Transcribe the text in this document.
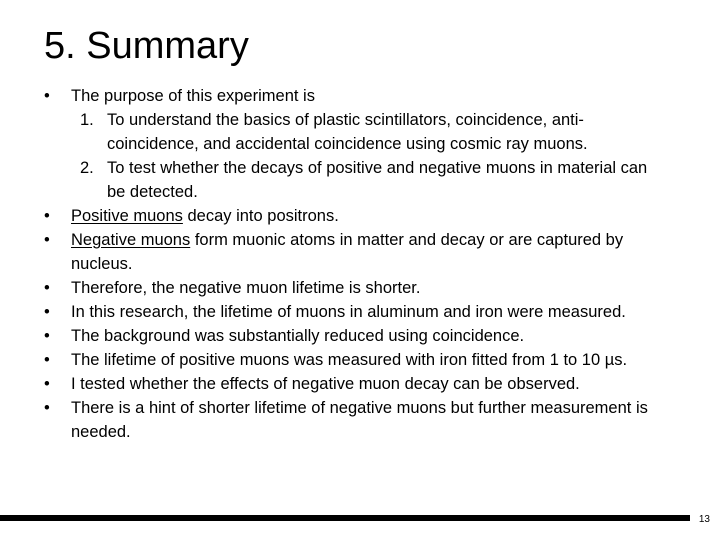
5. Summary
•	The purpose of this experiment is
1. To understand the basics of plastic scintillators, coincidence, anti-coincidence, and accidental coincidence using cosmic ray muons.
2. To test whether the decays of positive and negative muons in material can be detected.
•	Positive muons decay into positrons.
•	Negative muons form muonic atoms in matter and decay or are captured by nucleus.
•	Therefore, the negative muon lifetime is shorter.
•	In this research, the lifetime of muons in aluminum and iron were measured.
•	The background was substantially reduced using coincidence.
•	The lifetime of positive muons was measured with iron fitted from 1 to 10 µs.
•	I tested whether the effects of negative muon decay can be observed.
•	There is a hint of shorter lifetime of negative muons but further measurement is needed.
13
